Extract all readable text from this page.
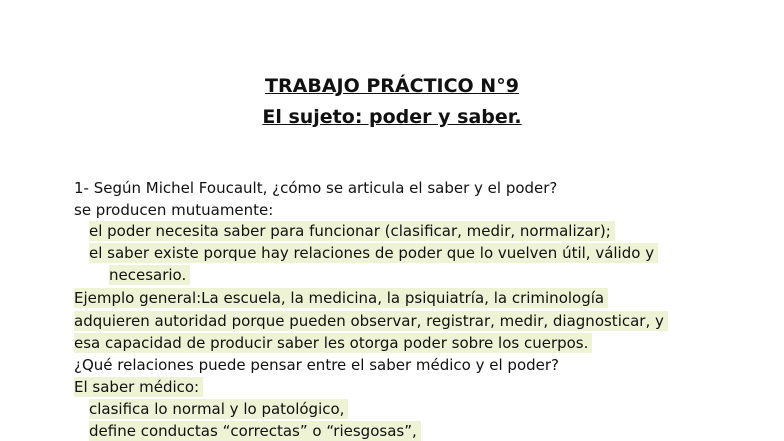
TRABAJO PRÁCTICO N°9
El sujeto: poder y saber.
1- Según Michel Foucault, ¿cómo se articula el saber y el poder?
se producen mutuamente:
el poder necesita saber para funcionar (clasificar, medir, normalizar);
el saber existe porque hay relaciones de poder que lo vuelven útil, válido y
necesario.
Ejemplo general:La escuela, la medicina, la psiquiatría, la criminología
adquieren autoridad porque pueden observar, registrar, medir, diagnosticar, y
esa capacidad de producir saber les otorga poder sobre los cuerpos.
¿Qué relaciones puede pensar entre el saber médico y el poder?
El saber médico:
clasifica lo normal y lo patológico,
define conductas “correctas” o “riesgosas”,
